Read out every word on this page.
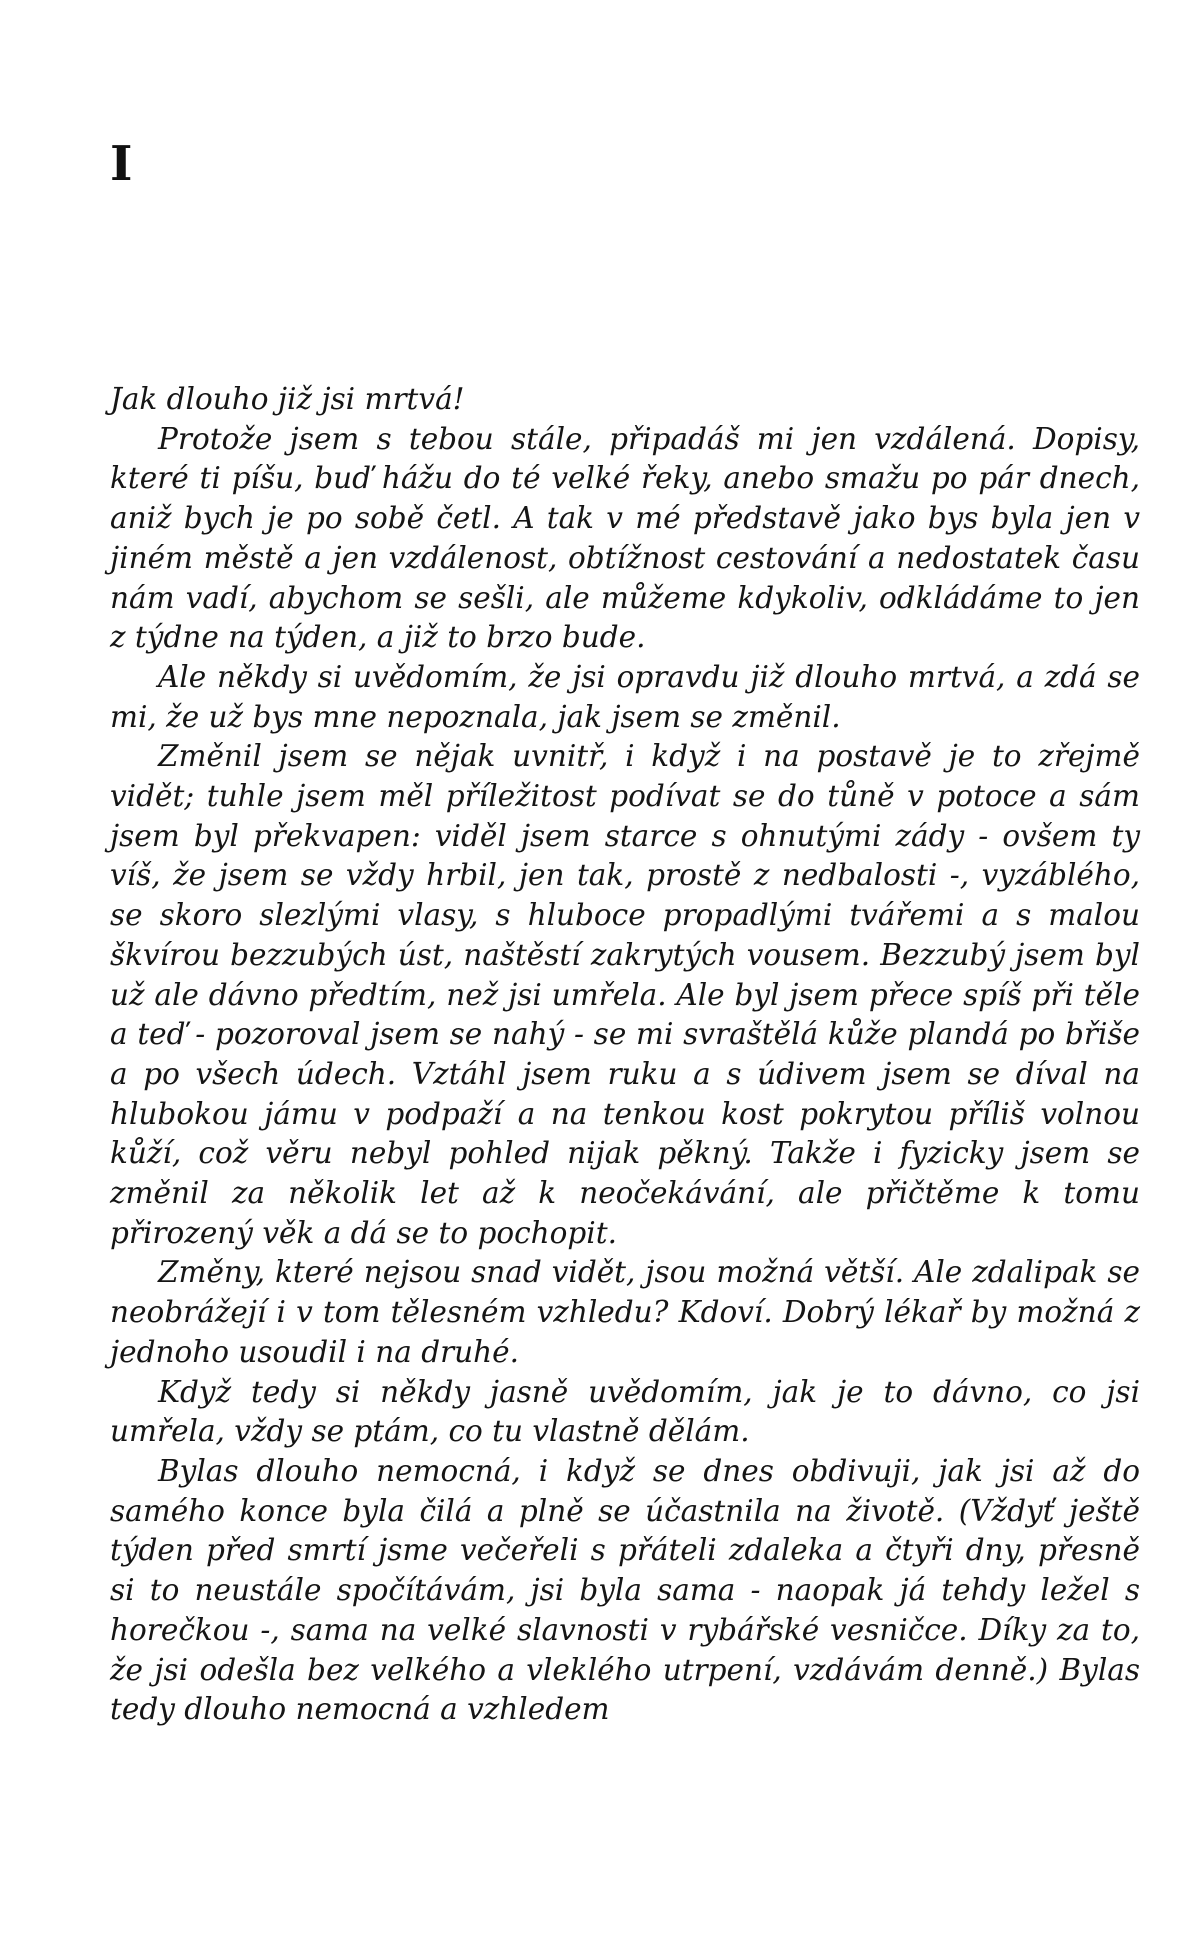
I

Jak dlouho již jsi mrtvá!

Protože jsem s tebou stále, připadáš mi jen vzdálená. Dopisy, které ti píšu, buď hážu do té velké řeky, anebo smažu po pár dnech, aniž bych je po sobě četl. A tak v mé představě jako bys byla jen v jiném městě a jen vzdálenost, obtížnost cestování a nedostatek času nám vadí, abychom se sešli, ale můžeme kdykoliv, odkládáme to jen z týdne na týden, a již to brzo bude.

Ale někdy si uvědomím, že jsi opravdu již dlouho mrtvá, a zdá se mi, že už bys mne nepoznala, jak jsem se změnil.

Změnil jsem se nějak uvnitř, i když i na postavě je to zřejmě vidět; tuhle jsem měl příležitost podívat se do tůně v potoce a sám jsem byl překvapen: viděl jsem starce s ohnutými zády - ovšem ty víš, že jsem se vždy hrbil, jen tak, prostě z nedbalosti -, vyzáblého, se skoro slezlými vlasy, s hluboce propadlými tvářemi a s malou škvírou bezzubých úst, naštěstí zakrytých vousem. Bezzubý jsem byl už ale dávno předtím, než jsi umřela. Ale byl jsem přece spíš při těle a teď - pozoroval jsem se nahý - se mi svraštělá kůže plandá po břiše a po všech údech. Vztáhl jsem ruku a s údivem jsem se díval na hlubokou jámu v podpaží a na tenkou kost pokrytou příliš volnou kůží, což věru nebyl pohled nijak pěkný. Takže i fyzicky jsem se změnil za několik let až k neočekávání, ale přičtěme k tomu přirozený věk a dá se to pochopit.

Změny, které nejsou snad vidět, jsou možná větší. Ale zdalipak se neobrážejí i v tom tělesném vzhledu? Kdoví. Dobrý lékař by možná z jednoho usoudil i na druhé.

Když tedy si někdy jasně uvědomím, jak je to dávno, co jsi umřela, vždy se ptám, co tu vlastně dělám.

Bylas dlouho nemocná, i když se dnes obdivuji, jak jsi až do samého konce byla čilá a plně se účastnila na životě. (Vždyť ještě týden před smrtí jsme večeřeli s přáteli zdaleka a čtyři dny, přesně si to neustále spočítávám, jsi byla sama - naopak já tehdy ležel s horečkou -, sama na velké slavnosti v rybářské vesničce. Díky za to, že jsi odešla bez velkého a vleklého utrpení, vzdávám denně.) Bylas tedy dlouho nemocná a vzhledem
